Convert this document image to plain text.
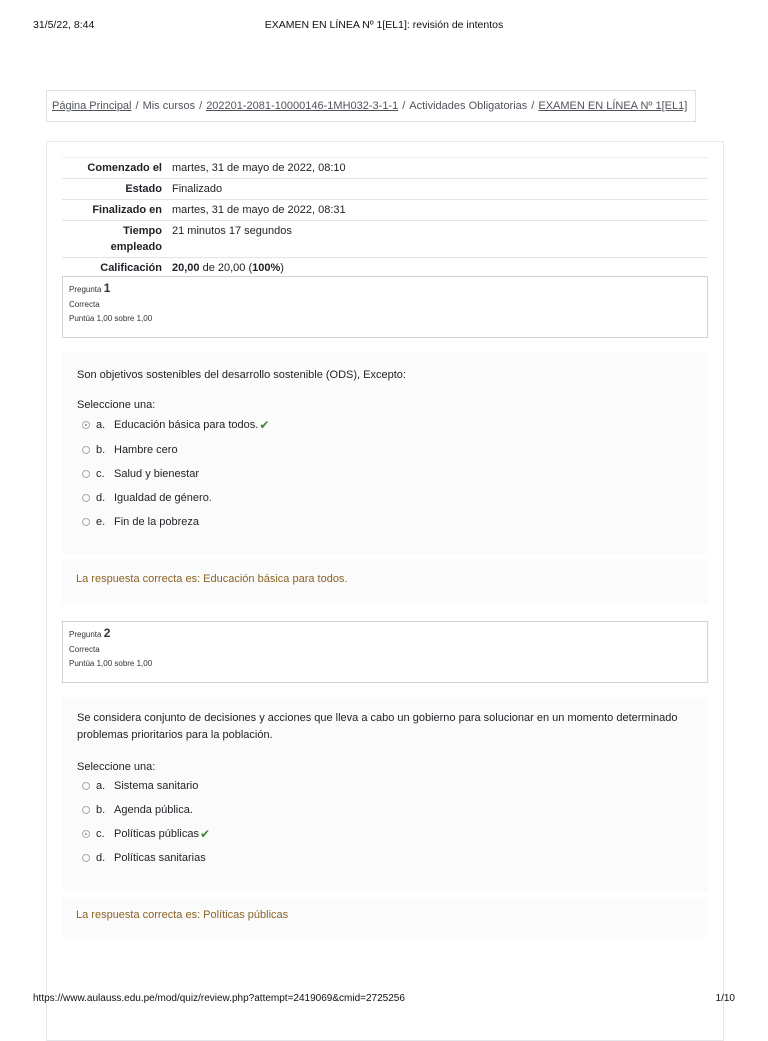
31/5/22, 8:44	EXAMEN EN LÍNEA Nº 1[EL1]: revisión de intentos
Página Principal / Mis cursos / 202201-2081-10000146-1MH032-3-1-1 / Actividades Obligatorias / EXAMEN EN LÍNEA Nº 1[EL1]
Comenzado el martes, 31 de mayo de 2022, 08:10
Estado Finalizado
Finalizado en martes, 31 de mayo de 2022, 08:31
Tiempo
empleado
21 minutos 17 segundos
Calificación 20,00 de 20,00 (100%)
Pregunta 1
Correcta
Puntúa 1,00 sobre 1,00
Son objetivos sostenibles del desarrollo sostenible (ODS), Excepto:
Seleccione una:
a. Educación básica para todos. ✔
b. Hambre cero
c. Salud y bienestar
d. Igualdad de género.
e. Fin de la pobreza
La respuesta correcta es: Educación básica para todos.
Pregunta 2
Correcta
Puntúa 1,00 sobre 1,00
Se considera conjunto de decisiones y acciones que lleva a cabo un gobierno para solucionar en un momento determinado problemas prioritarios para la población.
Seleccione una:
a. Sistema sanitario
b. Agenda pública.
c. Políticas públicas ✔
d. Políticas sanitarias
La respuesta correcta es: Políticas públicas
https://www.aulauss.edu.pe/mod/quiz/review.php?attempt=2419069&cmid=2725256	1/10
